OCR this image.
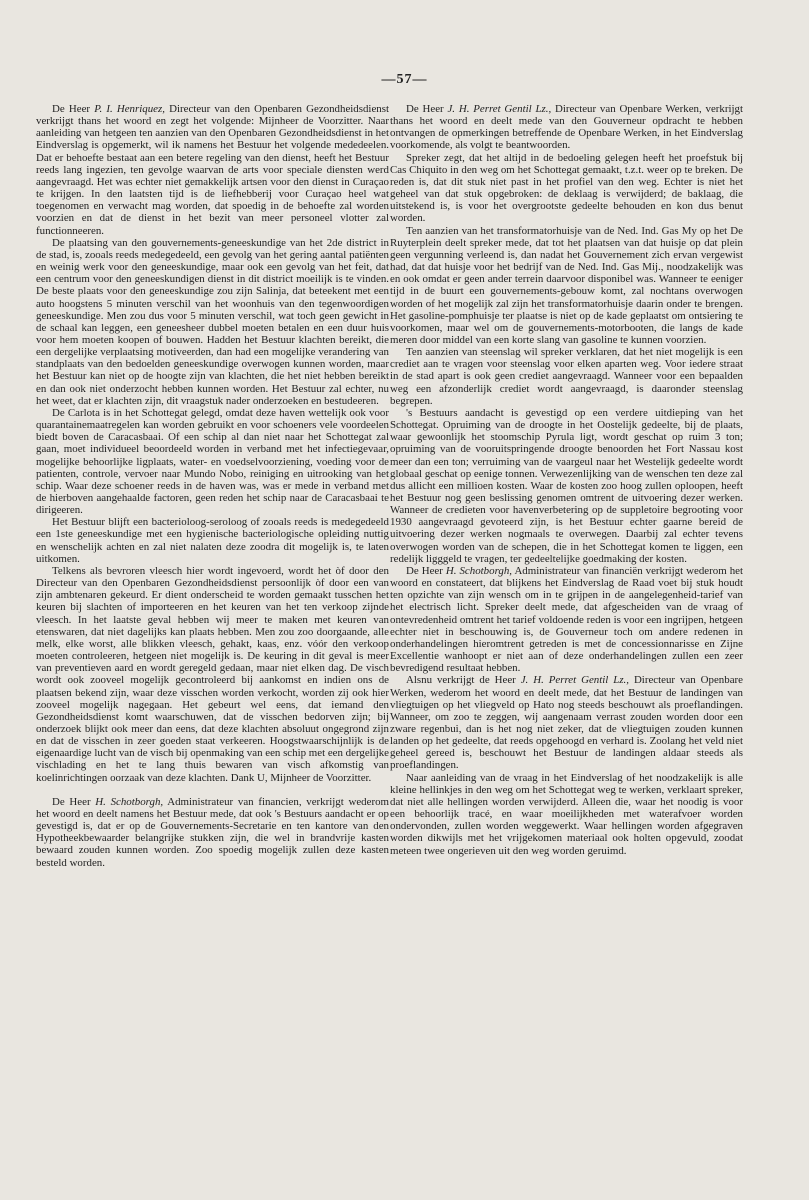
—57—

De Heer P. I. Henriquez, Directeur van den Openbaren Gezondheidsdienst verkrijgt thans het woord en zegt het volgende: Mijnheer de Voorzitter. Naar aanleiding van hetgeen ten aanzien van den Openbaren Gezondheidsdienst in het Eindverslag is opgemerkt, wil ik namens het Bestuur het volgende mededeelen. Dat er behoefte bestaat aan een betere regeling van den dienst, heeft het Bestuur reeds lang ingezien, ten gevolge waarvan de arts voor speciale diensten werd aangevraagd. Het was echter niet gemakkelijk artsen voor den dienst in Curaçao te krijgen. In den laatsten tijd is de liefhebberij voor Curaçao heel wat toegenomen en verwacht mag worden, dat spoedig in de behoefte zal worden voorzien en dat de dienst in het bezit van meer personeel vlotter zal functionneeren.

De plaatsing van den gouvernements-geneeskundige van het 2de district in de stad, is, zooals reeds medegedeeld, een gevolg van het gering aantal patiënten en weinig werk voor den geneeskundige, maar ook een gevolg van het feit, dat een centrum voor den geneeskundigen dienst in dit district moeilijk is te vinden. De beste plaats voor den geneeskundige zou zijn Salinja, dat beteekent met een auto hoogstens 5 minuten verschil van het woonhuis van den tegenwoordigen geneeskundige. Men zou dus voor 5 minuten verschil, wat toch geen gewicht in de schaal kan leggen, een geneesheer dubbel moeten betalen en een duur huis voor hem moeten koopen of bouwen. Hadden het Bestuur klachten bereikt, die een dergelijke verplaatsing motiveerden, dan had een mogelijke verandering van standplaats van den bedoelden geneeskundige overwogen kunnen worden, maar het Bestuur kan niet op de hoogte zijn van klachten, die het niet hebben bereikt en dan ook niet onderzocht hebben kunnen worden. Het Bestuur zal echter, nu het weet, dat er klachten zijn, dit vraagstuk nader onderzoeken en bestudeeren.

De Carlota is in het Schottegat gelegd, omdat deze haven wettelijk ook voor quarantainemaatregelen kan worden gebruikt en voor schoeners vele voordeelen biedt boven de Caracasbaai. Of een schip al dan niet naar het Schottegat zal gaan, moet individueel beoordeeld worden in verband met het infectiegevaar, mogelijke behoorlijke ligplaats, water- en voedselvoorziening, voeding voor de patienten, controle, vervoer naar Mundo Nobo, reiniging en uitrooking van het schip. Waar deze schoener reeds in de haven was, was er mede in verband met de hierboven aangehaalde factoren, geen reden het schip naar de Caracasbaai te dirigeeren.

Het Bestuur blijft een bacterioloog-seroloog of zooals reeds is medegedeeld een 1ste geneeskundige met een hygienische bacteriologische opleiding nuttig en wenschelijk achten en zal niet nalaten deze zoodra dit mogelijk is, te laten uitkomen.

Telkens als bevroren vleesch hier wordt ingevoerd, wordt het òf door den Directeur van den Openbaren Gezondheidsdienst persoonlijk òf door een van zijn ambtenaren gekeurd. Er dient onderscheid te worden gemaakt tusschen het keuren bij slachten of importeeren en het keuren van het ten verkoop zijnde vleesch. In het laatste geval hebben wij meer te maken met keuren van etenswaren, dat niet dagelijks kan plaats hebben. Men zou zoo doorgaande, alle melk, elke worst, alle blikken vleesch, gehakt, kaas, enz. vóór den verkoop moeten controleeren, hetgeen niet mogelijk is. De keuring in dit geval is meer van preventieven aard en wordt geregeld gedaan, maar niet elken dag. De visch wordt ook zooveel mogelijk gecontroleerd bij aankomst en indien ons de plaatsen bekend zijn, waar deze visschen worden verkocht, worden zij ook hier zooveel mogelijk nagegaan. Het gebeurt wel eens, dat iemand den Gezondheidsdienst komt waarschuwen, dat de visschen bedorven zijn; bij onderzoek blijkt ook meer dan eens, dat deze klachten absoluut ongegrond zijn en dat de visschen in zeer goeden staat verkeeren. Hoogstwaarschijnlijk is de eigenaardige lucht van de visch bij openmaking van een schip met een dergelijke vischlading en het te lang thuis bewaren van visch afkomstig van koelinrichtingen oorzaak van deze klachten. Dank U, Mijnheer de Voorzitter.

De Heer H. Schotborgh, Administrateur van financien, verkrijgt wederom het woord en deelt namens het Bestuur mede, dat ook 's Bestuurs aandacht er op gevestigd is, dat er op de Gouvernements-Secretarie en ten kantore van den Hypotheekbewaarder belangrijke stukken zijn, die wel in brandvrije kasten bewaard zouden kunnen worden. Zoo spoedig mogelijk zullen deze kasten besteld worden.

De Heer J. H. Perret Gentil Lz., Directeur van Openbare Werken, verkrijgt thans het woord en deelt mede van den Gouverneur opdracht te hebben ontvangen de opmerkingen betreffende de Openbare Werken, in het Eindverslag voorkomende, als volgt te beantwoorden.

Spreker zegt, dat het altijd in de bedoeling gelegen heeft het proefstuk bij Cas Chiquito in den weg om het Schottegat gemaakt, t.z.t. weer op te breken. De reden is, dat dit stuk niet past in het profiel van den weg. Echter is niet het geheel van dat stuk opgebroken: de deklaag is verwijderd; de baklaag, die uitstekend is, is voor het overgrootste gedeelte behouden en kon dus benut worden.

Ten aanzien van het transformatorhuisje van de Ned. Ind. Gas My op het De Ruyterplein deelt spreker mede, dat tot het plaatsen van dat huisje op dat plein geen vergunning verleend is, dan nadat het Gouvernement zich ervan vergewist had, dat dat huisje voor het bedrijf van de Ned. Ind. Gas Mij., noodzakelijk was en ook omdat er geen ander terrein daarvoor disponibel was. Wanneer te eeniger tijd in de buurt een gouvernements-gebouw komt, zal nochtans overwogen worden of het mogelijk zal zijn het transformatorhuisje daarin onder te brengen. Het gasoline-pomphuisje ter plaatse is niet op de kade geplaatst om ontsiering te voorkomen, maar wel om de gouvernements-motorbooten, die langs de kade meren door middel van een korte slang van gasoline te kunnen voorzien.

Ten aanzien van steenslag wil spreker verklaren, dat het niet mogelijk is een crediet aan te vragen voor steenslag voor elken aparten weg. Voor iedere straat in de stad apart is ook geen crediet aangevraagd. Wanneer voor een bepaalden weg een afzonderlijk crediet wordt aangevraagd, is daaronder steenslag begrepen.

's Bestuurs aandacht is gevestigd op een verdere uitdieping van het Schottegat. Opruiming van de droogte in het Oostelijk gedeelte, bij de plaats, waar gewoonlijk het stoomschip Pyrula ligt, wordt geschat op ruim 3 ton; opruiming van de vooruitspringende droogte benoorden het Fort Nassau kost meer dan een ton; verruiming van de vaargeul naar het Westelijk gedeelte wordt globaal geschat op eenige tonnen. Verwezenlijking van de wenschen ten deze zal dus allicht een millioen kosten. Waar de kosten zoo hoog zullen oploopen, heeft het Bestuur nog geen beslissing genomen omtrent de uitvoering dezer werken. Wanneer de credieten voor havenverbetering op de suppletoire begrooting voor 1930 aangevraagd gevoteerd zijn, is het Bestuur echter gaarne bereid de uitvoering dezer werken nogmaals te overwegen. Daarbij zal echter tevens overwogen worden van de schepen, die in het Schottegat komen te liggen, een redelijk ligggeld te vragen, ter gedeeltelijke goedmaking der kosten.

De Heer H. Schotborgh, Administrateur van financiën verkrijgt wederom het woord en constateert, dat blijkens het Eindverslag de Raad voet bij stuk houdt ten opzichte van zijn wensch om in te grijpen in de aangelegenheid-tarief van het electrisch licht. Spreker deelt mede, dat afgescheiden van de vraag of ontevredenheid omtrent het tarief voldoende reden is voor een ingrijpen, hetgeen echter niet in beschouwing is, de Gouverneur toch om andere redenen in onderhandelingen hieromtrent getreden is met de concessionnarisse en Zijne Excellentie wanhoopt er niet aan of deze onderhandelingen zullen een zeer bevredigend resultaat hebben.

Alsnu verkrijgt de Heer J. H. Perret Gentil Lz., Directeur van Openbare Werken, wederom het woord en deelt mede, dat het Bestuur de landingen van vliegtuigen op het vliegveld op Hato nog steeds beschouwt als proeflandingen. Wanneer, om zoo te zeggen, wij aangenaam verrast zouden worden door een zware regenbui, dan is het nog niet zeker, dat de vliegtuigen zouden kunnen landen op het gedeelte, dat reeds opgehoogd en verhard is. Zoolang het veld niet geheel gereed is, beschouwt het Bestuur de landingen aldaar steeds als proeflandingen.

Naar aanleiding van de vraag in het Eindverslag of het noodzakelijk is alle kleine hellinkjes in den weg om het Schottegat weg te werken, verklaart spreker, dat niet alle hellingen worden verwijderd. Alleen die, waar het noodig is voor een behoorlijk tracé, en waar moeilijkheden met waterafvoer worden ondervonden, zullen worden weggewerkt. Waar hellingen worden afgegraven worden dikwijls met het vrijgekomen materiaal ook holten opgevuld, zoodat meteen twee ongerieven uit den weg worden geruimd.
